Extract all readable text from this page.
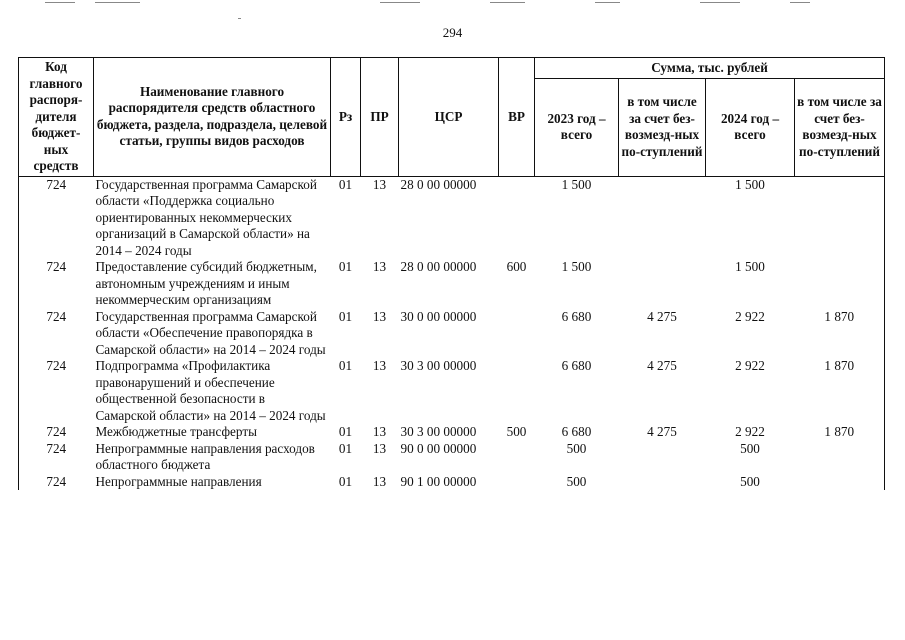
294
Код главного распоря-дителя бюджет-ных средств	Наименование главного распорядителя средств областного бюджета, раздела, подраздела, целевой статьи, группы видов расходов	Рз	ПР	ЦСР	ВР	Сумма, тыс. рублей			
						2023 год – всего	в том числе за счет без-возмезд-ных по-ступлений	2024 год – всего	в том числе за счет без-возмезд-ных по-ступлений
724	Государственная программа Самарской области «Поддержка социально ориентированных некоммерческих организаций в Самарской области» на 2014 – 2024 годы	01	13	28 0 00 00000		1 500		1 500	
724	Предоставление субсидий бюджетным, автономным учреждениям и иным некоммерческим организациям	01	13	28 0 00 00000	600	1 500		1 500	
724	Государственная программа Самарской области «Обеспечение правопорядка в Самарской области» на 2014 – 2024 годы	01	13	30 0 00 00000		6 680	4 275	2 922	1 870
724	Подпрограмма «Профилактика правонарушений и обеспечение общественной безопасности в Самарской области» на 2014 – 2024 годы	01	13	30 3 00 00000		6 680	4 275	2 922	1 870
724	Межбюджетные трансферты	01	13	30 3 00 00000	500	6 680	4 275	2 922	1 870
724	Непрограммные направления расходов областного бюджета	01	13	90 0 00 00000		500		500	
724	Непрограммные направления	01	13	90 1 00 00000		500		500	
